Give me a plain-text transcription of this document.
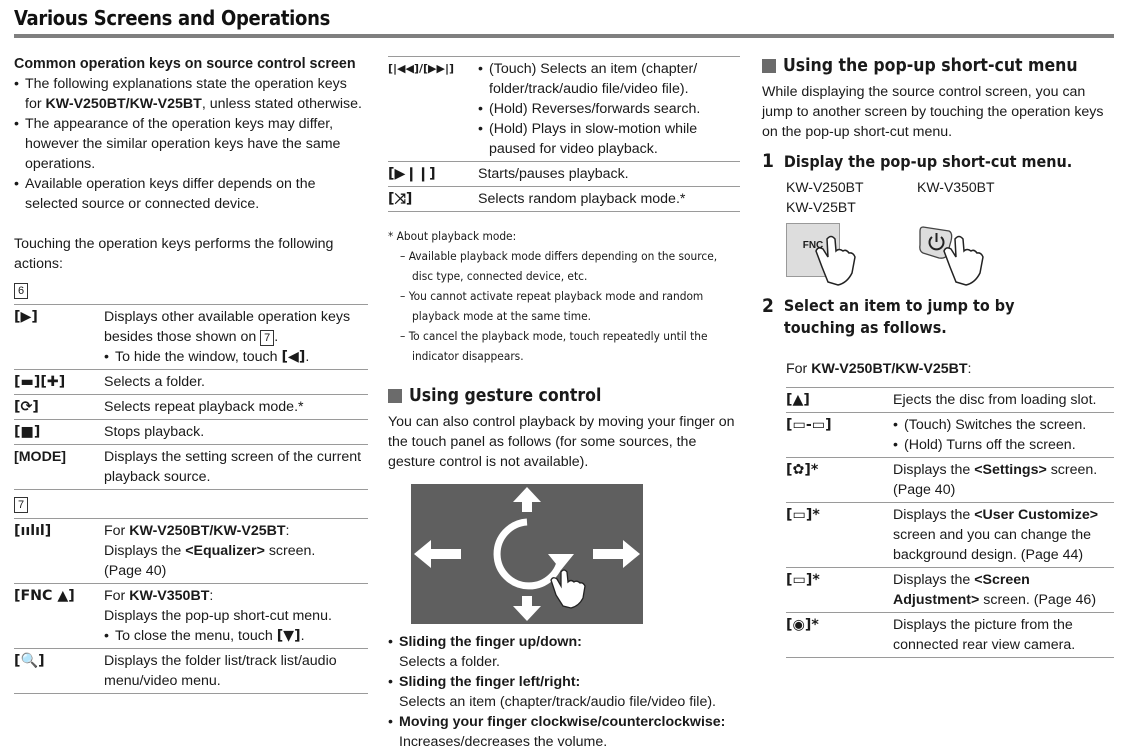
Various Screens and Operations
Common operation keys on source control screen
• The following explanations state the operation keys
for KW-V250BT/KW-V25BT, unless stated otherwise.
• The appearance of the operation keys may differ, however the similar operation keys have the same operations.
• Available operation keys differ depends on the selected source or connected device.
Touching the operation keys performs the following actions:
6
[▶]	Displays other available operation keys besides those shown on 7 .
• To hide the window, touch [◀].
[▬][✚]	Selects a folder.
[⟳]	Selects repeat playback mode.*
[■]	Stops playback.
[MODE]	Displays the setting screen of the current playback source.
7
[ıılıl]	For KW-V250BT/KW-V25BT:
Displays the <Equalizer> screen.
(Page 40)
[FNC ▲]	For KW-V350BT:
Displays the pop-up short-cut menu.
• To close the menu, touch [▼].
[🔍]	Displays the folder list/track list/audio menu/video menu.
[|◀◀]/[▶▶|]	• (Touch) Selects an item (chapter/ folder/track/audio file/video file).
• (Hold) Reverses/forwards search.
• (Hold) Plays in slow-motion while paused for video playback.

[▶❙❙]	Starts/pauses playback.
[⤨]	Selects random playback mode.*
* About playback mode:
– Available playback mode differs depending on the source, disc type, connected device, etc.
– You cannot activate repeat playback mode and random playback mode at the same time.
– To cancel the playback mode, touch repeatedly until the indicator disappears.
Using gesture control
You can also control playback by moving your finger on the touch panel as follows (for some sources, the gesture control is not available).
• Sliding the finger up/down:
Selects a folder.
• Sliding the finger left/right:
Selects an item (chapter/track/audio file/video file).
• Moving your finger clockwise/counterclockwise:
Increases/decreases the volume.
Using the pop-up short-cut menu
While displaying the source control screen, you can jump to another screen by touching the operation keys on the pop-up short-cut menu.
1 Display the pop-up short-cut menu.
KW-V250BT
KW-V25BT
KW-V350BT
FNC
2 Select an item to jump to by touching as follows.
For KW-V250BT/KW-V25BT:
[▲]	Ejects the disc from loading slot.
[▭-▭]	• (Touch) Switches the screen.
• (Hold) Turns off the screen.

[✿]*	Displays the <Settings> screen. (Page 40)
[▭]*	Displays the <User Customize> screen and you can change the background design. (Page 44)
[▭]*	Displays the <Screen Adjustment> screen. (Page 46)
[◉]*	Displays the picture from the connected rear view camera.
